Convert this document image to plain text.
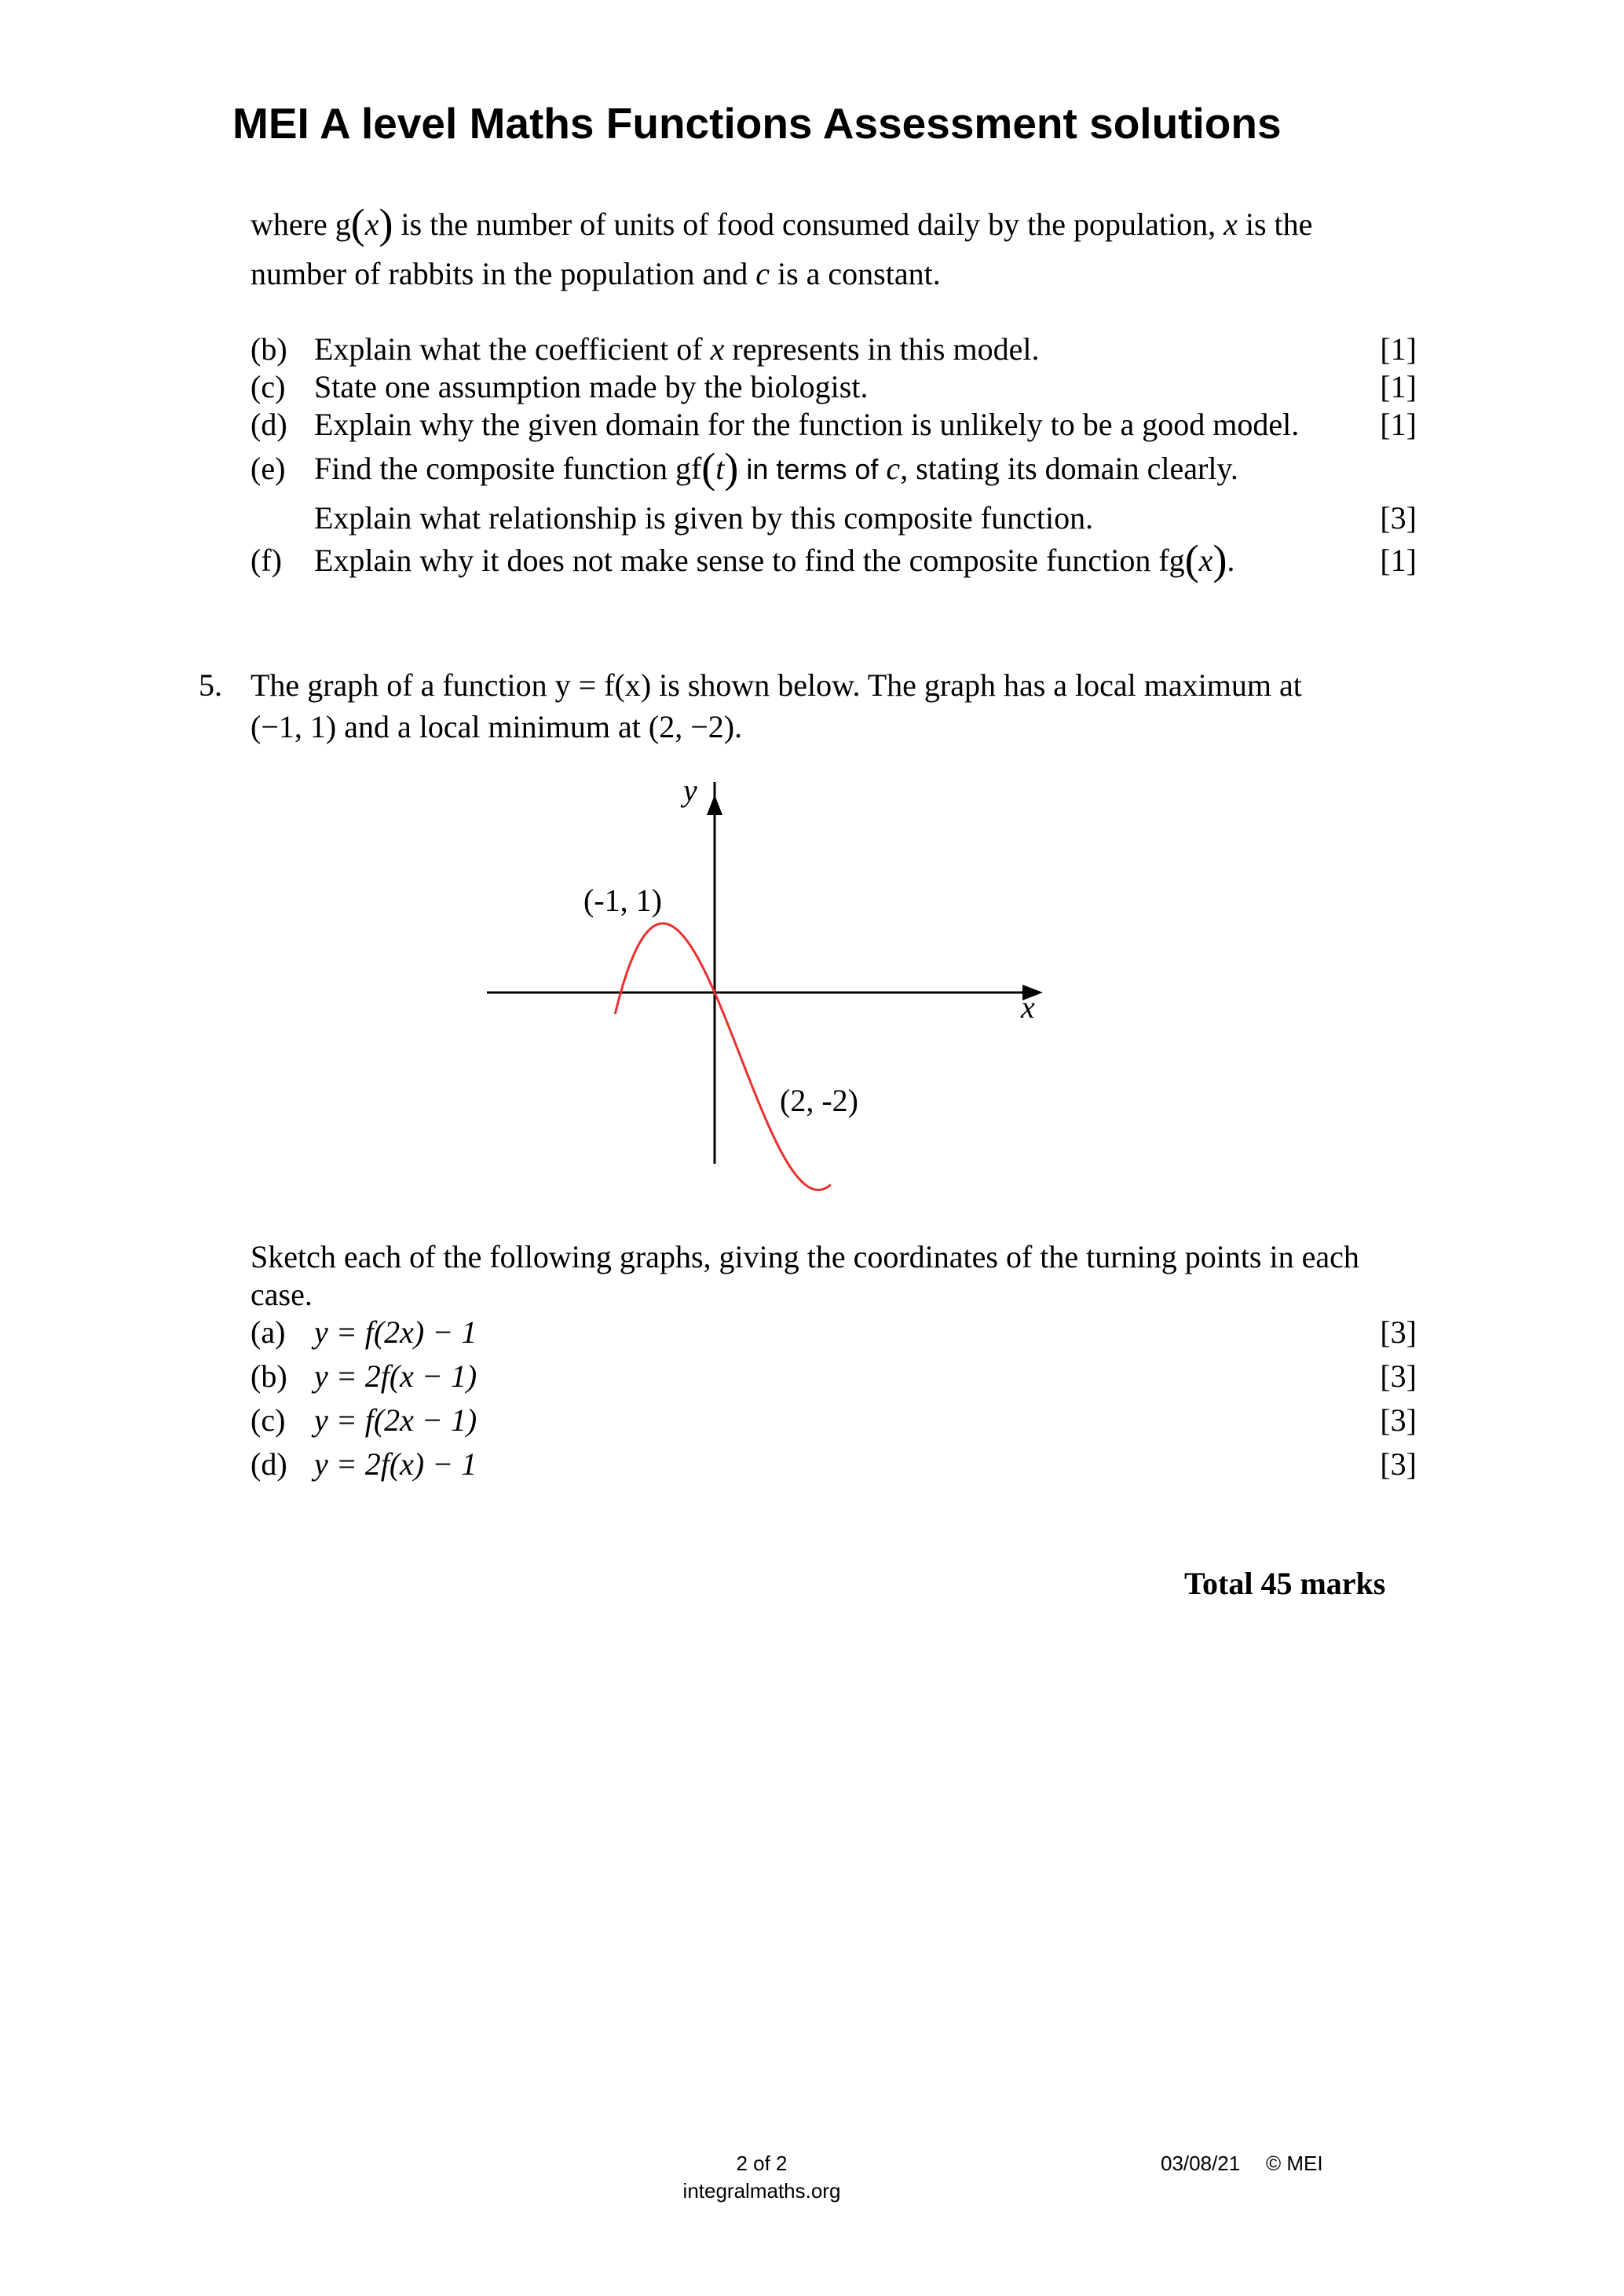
MEI A level Maths Functions Assessment solutions
where g(x) is the number of units of food consumed daily by the population, x is the
number of rabbits in the population and c is a constant.
(b) Explain what the coefficient of x represents in this model.	[1]
(c) State one assumption made by the biologist.	[1]
(d) Explain why the given domain for the function is unlikely to be a good model.	[1]
(e) Find the composite function gf(t) in terms of c, stating its domain clearly.
Explain what relationship is given by this composite function.	[3]
(f) Explain why it does not make sense to find the composite function fg(x).	[1]
5. The graph of a function y = f(x) is shown below. The graph has a local maximum at
(−1, 1) and a local minimum at (2, −2).
x
y
(-1, 1)
(2, -2)
Sketch each of the following graphs, giving the coordinates of the turning points in each
case.
(a) y = f(2x) − 1	[3]
(b) y = 2f(x − 1)	[3]
(c) y = f(2x − 1)	[3]
(d) y = 2f(x) − 1	[3]
Total 45 marks
2 of 2
integralmaths.org
03/08/21 © MEI
